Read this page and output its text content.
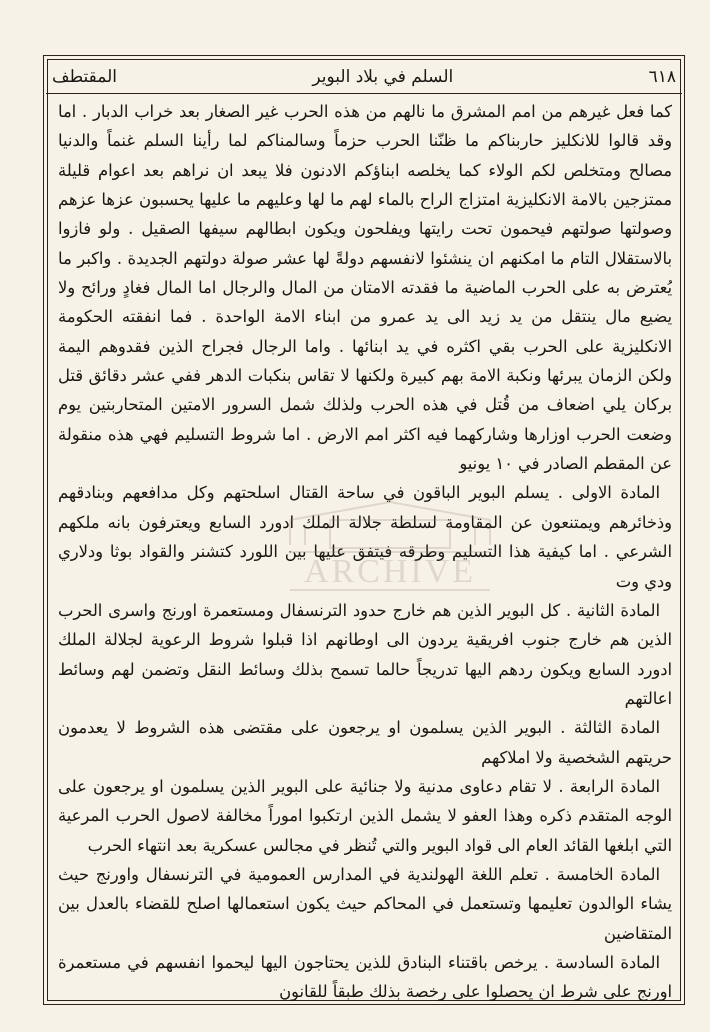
٦١٨
السلم في بلاد البوير
المقتطف

كما فعل غيرهم من امم المشرق ما نالهم من هذه الحرب غير الصغار بعد خراب الدبار . اما وقد قالوا للانكليز حاربناكم ما ظنّنا الحرب حزماً وسالمناكم لما رأينا السلم غنماً والدنيا مصالح ومتخلص لكم الولاء كما يخلصه ابناؤكم الادنون فلا يبعد ان نراهم بعد اعوام قليلة ممتزجين بالامة الانكليزية امتزاج الراح بالماء لهم ما لها وعليهم ما عليها يحسبون عزها عزهم وصولتها صولتهم فيحمون تحت رايتها ويفلحون ويكون ابطالهم سيفها الصقيل . ولو فازوا بالاستقلال التام ما امكنهم ان ينشئوا لانفسهم دولةً لها عشر صولة دولتهم الجديدة . واكبر ما يُعترض به على الحرب الماضية ما فقدته الامتان من المال والرجال اما المال فغادٍ ورائح ولا يضيع مال ينتقل من يد زيد الى يد عمرو من ابناء الامة الواحدة . فما انفقته الحكومة الانكليزية على الحرب بقي اكثره في يد ابنائها . واما الرجال فجراح الذين فقدوهم اليمة ولكن الزمان يبرئها ونكبة الامة بهم كبيرة ولكنها لا تقاس بنكبات الدهر ففي عشر دقائق قتل بركان يلي اضعاف من قُتل في هذه الحرب ولذلك شمل السرور الامتين المتحاربتين يوم وضعت الحرب اوزارها وشاركهما فيه اكثر امم الارض . اما شروط التسليم فهي هذه منقولة عن المقطم الصادر في ١٠ يونيو

المادة الاولى . يسلم البوير الباقون في ساحة القتال اسلحتهم وكل مدافعهم وبنادقهم وذخائرهم ويمتنعون عن المقاومة لسلطة جلالة الملك ادورد السابع ويعترفون بانه ملكهم الشرعي . اما كيفية هذا التسليم وطرقه فيتفق عليها بين اللورد كتشنر والقواد بوثا ودلاري ودي وت

المادة الثانية . كل البوير الذين هم خارج حدود الترنسفال ومستعمرة اورنج واسرى الحرب الذين هم خارج جنوب افريقية يردون الى اوطانهم اذا قبلوا شروط الرعوية لجلالة الملك ادورد السابع ويكون ردهم اليها تدريجاً حالما تسمح بذلك وسائط النقل وتضمن لهم وسائط اعالتهم

المادة الثالثة . البوير الذين يسلمون او يرجعون على مقتضى هذه الشروط لا يعدمون حريتهم الشخصية ولا املاكهم

المادة الرابعة . لا تقام دعاوى مدنية ولا جنائية على البوير الذين يسلمون او يرجعون على الوجه المتقدم ذكره وهذا العفو لا يشمل الذين ارتكبوا اموراً مخالفة لاصول الحرب المرعية التي ابلغها القائد العام الى قواد البوير والتي تُنظر في مجالس عسكرية بعد انتهاء الحرب

المادة الخامسة . تعلم اللغة الهولندية في المدارس العمومية في الترنسفال واورنج حيث يشاء الوالدون تعليمها وتستعمل في المحاكم حيث يكون استعمالها اصلح للقضاء بالعدل بين المتقاضين

المادة السادسة . يرخص باقتناء البنادق للذين يحتاجون اليها ليحموا انفسهم في مستعمرة اورنج على شرط ان يحصلوا على رخصة بذلك طبقاً للقانون

ARCHIVE
